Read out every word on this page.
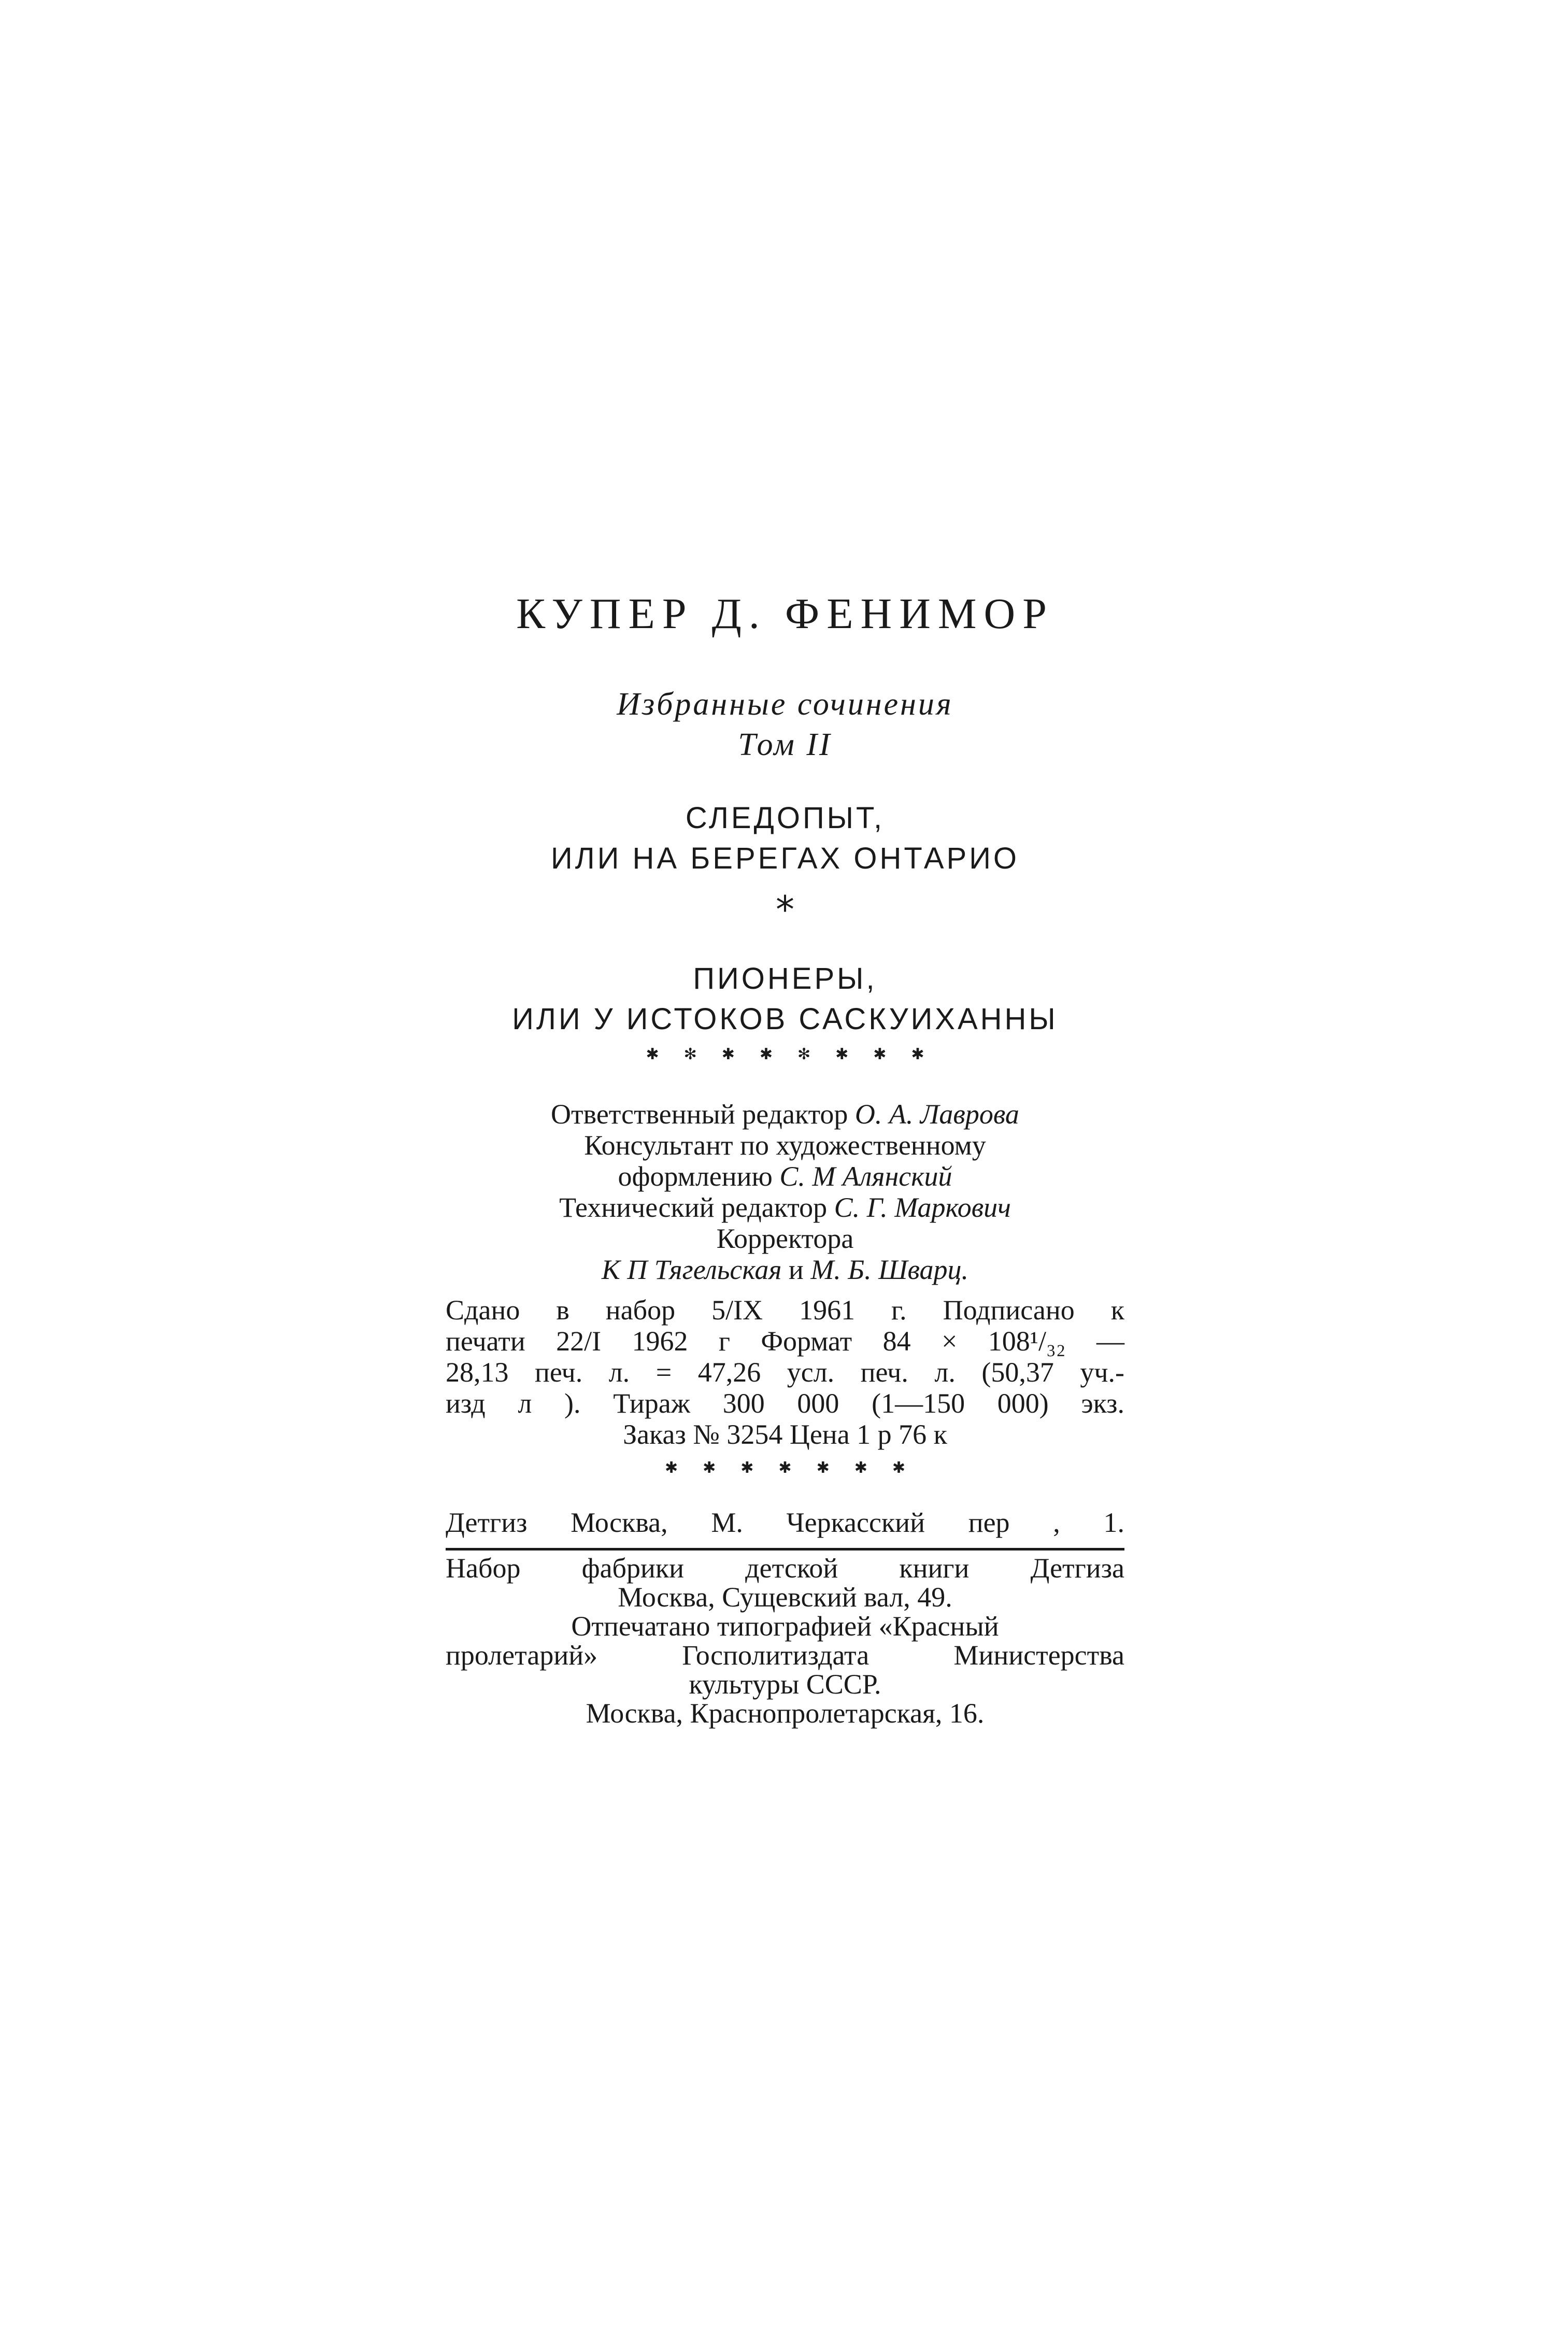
КУПЕР Д. ФЕНИМОР
Избранные сочинения
Том II
СЛЕДОПЫТ,
ИЛИ НА БЕРЕГАХ ОНТАРИО
*
ПИОНЕРЫ,
ИЛИ У ИСТОКОВ САСКУИХАННЫ
✱ ✻ ✱ ✱ ✻ ✱ ✱ ✱
Ответственный редактор О. А. Лаврова
Консультант по художественному
оформлению С. М Алянский
Технический редактор С. Г. Маркович
Корректора
К П Тягельская и М. Б. Шварц.
Сдано в набор 5/IX 1961 г. Подписано к
печати 22/I 1962 г Формат 84 × 108¹/₃₂ —
28,13 печ. л. = 47,26 усл. печ. л. (50,37 уч.-
изд л ). Тираж 300 000 (1—150 000) экз.
Заказ № 3254 Цена 1 р 76 к
✱ ✱ ✱ ✱ ✱ ✱ ✱
Детгиз Москва, М. Черкасский пер , 1.
Набор фабрики детской книги Детгиза
Москва, Сущевский вал, 49.
Отпечатано типографией «Красный
пролетарий» Госполитиздата Министерства
культуры СССР.
Москва, Краснопролетарская, 16.
